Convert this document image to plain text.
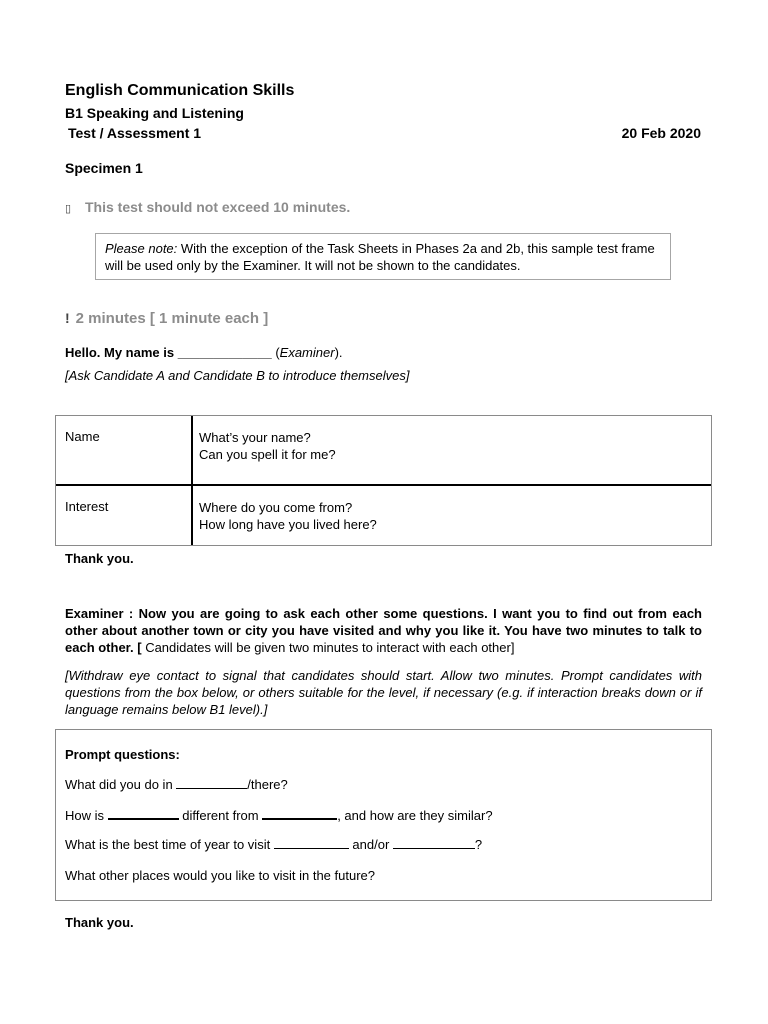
English Communication Skills
B1 Speaking and Listening
Test / Assessment 1	20 Feb 2020
Specimen 1
▯ This test should not exceed 10 minutes.
Please note: With the exception of the Task Sheets in Phases 2a and 2b, this sample test frame will be used only by the Examiner. It will not be shown to the candidates.
! 2 minutes [ 1 minute each ]
Hello. My name is _____________ (Examiner).
[Ask Candidate A and Candidate B to introduce themselves]
Name	What’s your name?
Can you spell it for me?
Interest	Where do you come from?
How long have you lived here?
Thank you.
Examiner : Now you are going to ask each other some questions. I want you to find out from each other about another town or city you have visited and why you like it. You have two minutes to talk to each other. [ Candidates will be given two minutes to interact with each other]
[Withdraw eye contact to signal that candidates should start. Allow two minutes. Prompt candidates with questions from the box below, or others suitable for the level, if necessary (e.g. if interaction breaks down or if language remains below B1 level).]
Prompt questions:
What did you do in	/there?
How is	different from	, and how are they similar?
What is the best time of year to visit	and/or	?
What other places would you like to visit in the future?
Thank you.
